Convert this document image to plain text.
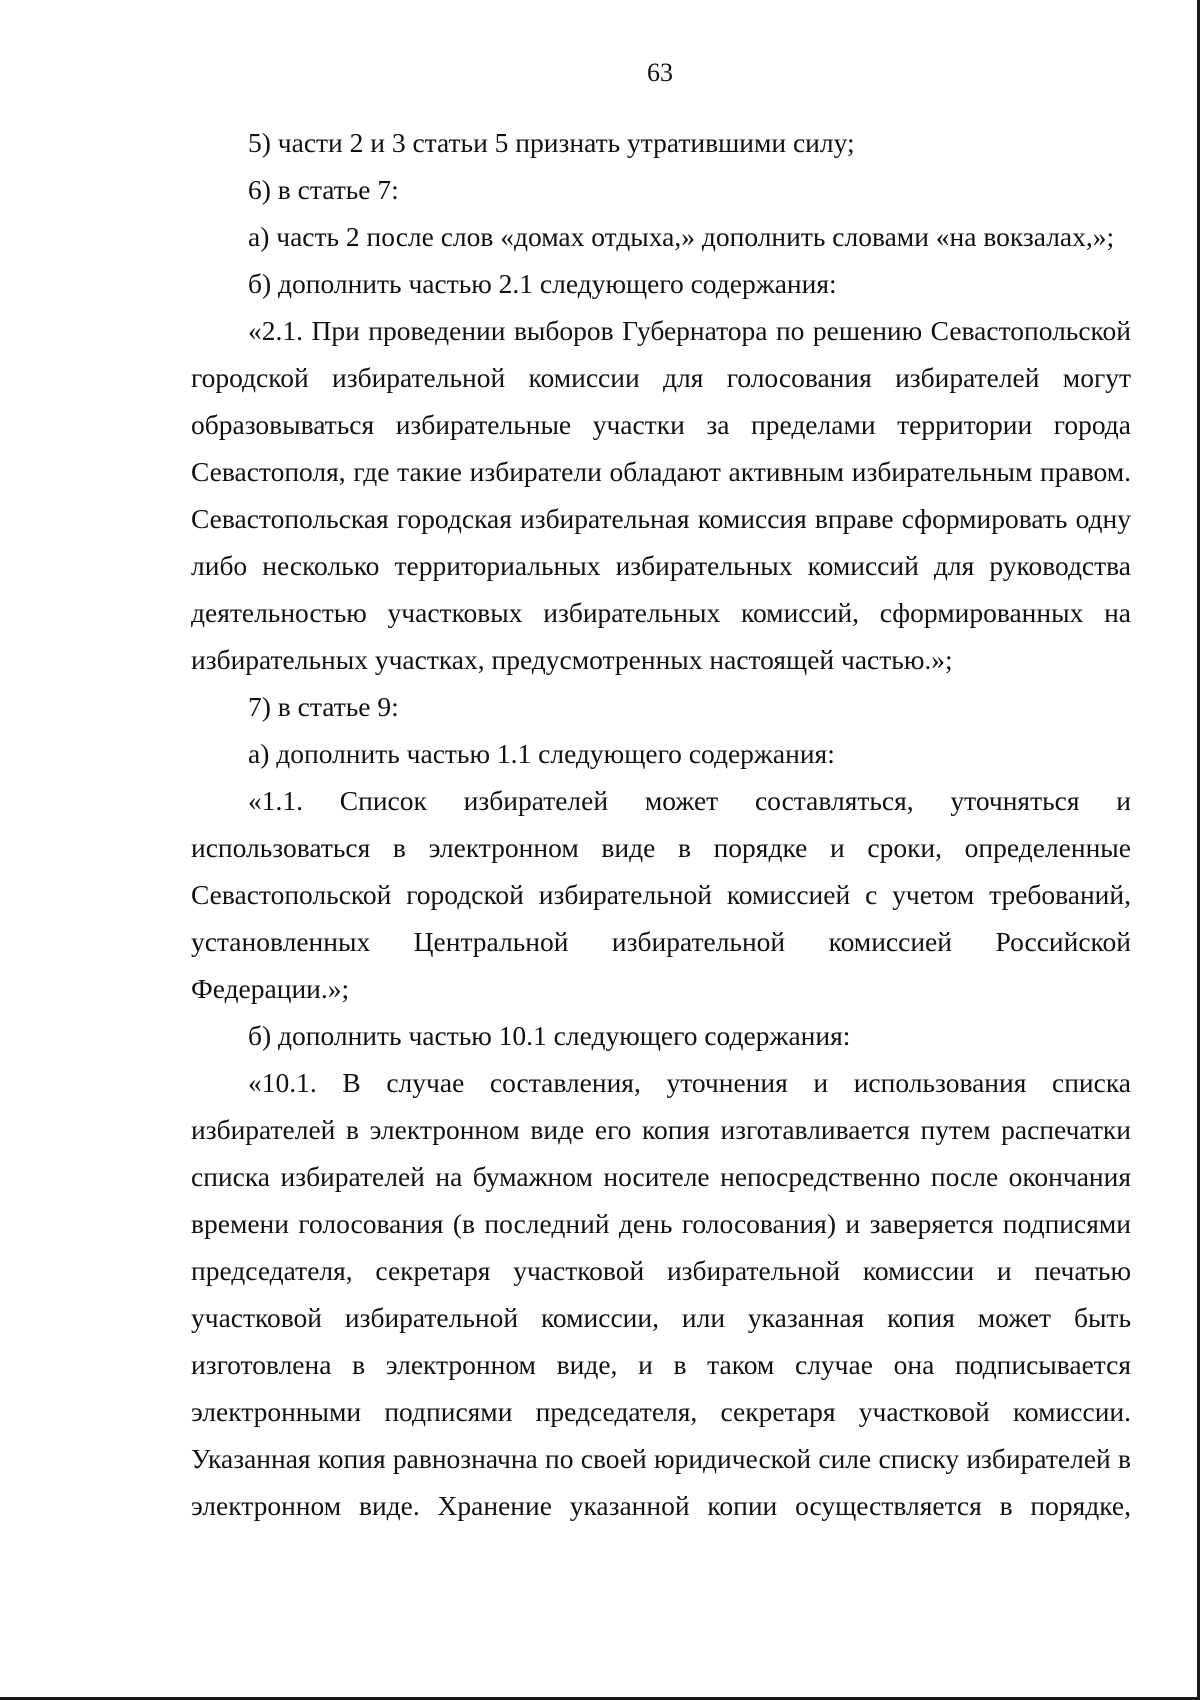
63

5) части 2 и 3 статьи 5 признать утратившими силу;

6) в статье 7:

а) часть 2 после слов «домах отдыха,» дополнить словами «на вокзалах,»;

б) дополнить частью 2.1 следующего содержания:

«2.1. При проведении выборов Губернатора по решению Севастопольской городской избирательной комиссии для голосования избирателей могут образовываться избирательные участки за пределами территории города Севастополя, где такие избиратели обладают активным избирательным правом. Севастопольская городская избирательная комиссия вправе сформировать одну либо несколько территориальных избирательных комиссий для руководства деятельностью участковых избирательных комиссий, сформированных на избирательных участках, предусмотренных настоящей частью.»;

7) в статье 9:

а) дополнить частью 1.1 следующего содержания:

«1.1. Список избирателей может составляться, уточняться и использоваться в электронном виде в порядке и сроки, определенные Севастопольской городской избирательной комиссией с учетом требований, установленных Центральной избирательной комиссией Российской Федерации.»;

б) дополнить частью 10.1 следующего содержания:

«10.1. В случае составления, уточнения и использования списка избирателей в электронном виде его копия изготавливается путем распечатки списка избирателей на бумажном носителе непосредственно после окончания времени голосования (в последний день голосования) и заверяется подписями председателя, секретаря участковой избирательной комиссии и печатью участковой избирательной комиссии, или указанная копия может быть изготовлена в электронном виде, и в таком случае она подписывается электронными подписями председателя, секретаря участковой комиссии. Указанная копия равнозначна по своей юридической силе списку избирателей в электронном виде. Хранение указанной копии осуществляется в порядке,
